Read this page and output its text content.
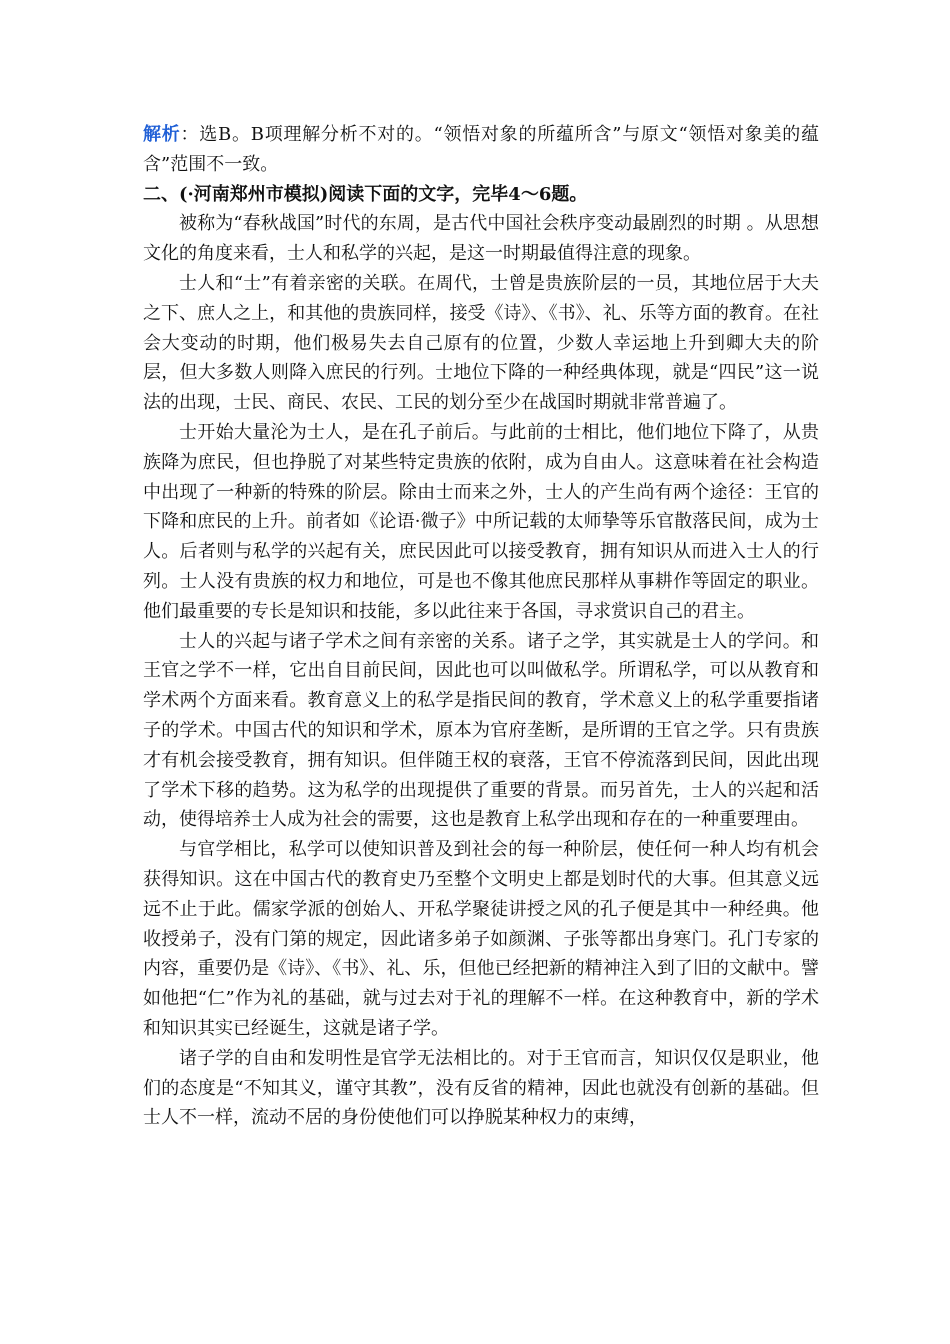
解析：选B。B项理解分析不对的。“领悟对象的所蕴所含”与原文“领悟对象美的蕴含”范围不一致。

二、(·河南郑州市模拟)阅读下面的文字，完毕4～6题。

被称为“春秋战国”时代的东周，是古代中国社会秩序变动最剧烈的时期 。从思想文化的角度来看，士人和私学的兴起，是这一时期最值得注意的现象。

士人和“士”有着亲密的关联。在周代，士曾是贵族阶层的一员，其地位居于大夫之下、庶人之上，和其他的贵族同样，接受《诗》、《书》、礼、乐等方面的教育。在社会大变动的时期，他们极易失去自己原有的位置，少数人幸运地上升到卿大夫的阶层，但大多数人则降入庶民的行列。士地位下降的一种经典体现，就是“四民”这一说法的出现，士民、商民、农民、工民的划分至少在战国时期就非常普遍了。

士开始大量沦为士人，是在孔子前后。与此前的士相比，他们地位下降了，从贵族降为庶民，但也挣脱了对某些特定贵族的依附，成为自由人。这意味着在社会构造中出现了一种新的特殊的阶层。除由士而来之外，士人的产生尚有两个途径：王官的下降和庶民的上升。前者如《论语·微子》中所记载的太师挚等乐官散落民间，成为士人。后者则与私学的兴起有关，庶民因此可以接受教育，拥有知识从而进入士人的行列。士人没有贵族的权力和地位，可是也不像其他庶民那样从事耕作等固定的职业。他们最重要的专长是知识和技能，多以此往来于各国，寻求赏识自己的君主。

士人的兴起与诸子学术之间有亲密的关系。诸子之学，其实就是士人的学问。和王官之学不一样，它出自目前民间，因此也可以叫做私学。所谓私学，可以从教育和学术两个方面来看。教育意义上的私学是指民间的教育，学术意义上的私学重要指诸子的学术。中国古代的知识和学术，原本为官府垄断，是所谓的王官之学。只有贵族才有机会接受教育，拥有知识。但伴随王权的衰落，王官不停流落到民间，因此出现了学术下移的趋势。这为私学的出现提供了重要的背景。而另首先，士人的兴起和活动，使得培养士人成为社会的需要，这也是教育上私学出现和存在的一种重要理由。

与官学相比，私学可以使知识普及到社会的每一种阶层，使任何一种人均有机会获得知识。这在中国古代的教育史乃至整个文明史上都是划时代的大事。但其意义远远不止于此。儒家学派的创始人、开私学聚徒讲授之风的孔子便是其中一种经典。他收授弟子，没有门第的规定，因此诸多弟子如颜渊、子张等都出身寒门。孔门专家的内容，重要仍是《诗》、《书》、礼、乐，但他已经把新的精神注入到了旧的文献中。譬如他把“仁”作为礼的基础，就与过去对于礼的理解不一样。在这种教育中，新的学术和知识其实已经诞生，这就是诸子学。

诸子学的自由和发明性是官学无法相比的。对于王官而言，知识仅仅是职业，他们的态度是“不知其义，谨守其教”，没有反省的精神，因此也就没有创新的基础。但士人不一样，流动不居的身份使他们可以挣脱某种权力的束缚，
